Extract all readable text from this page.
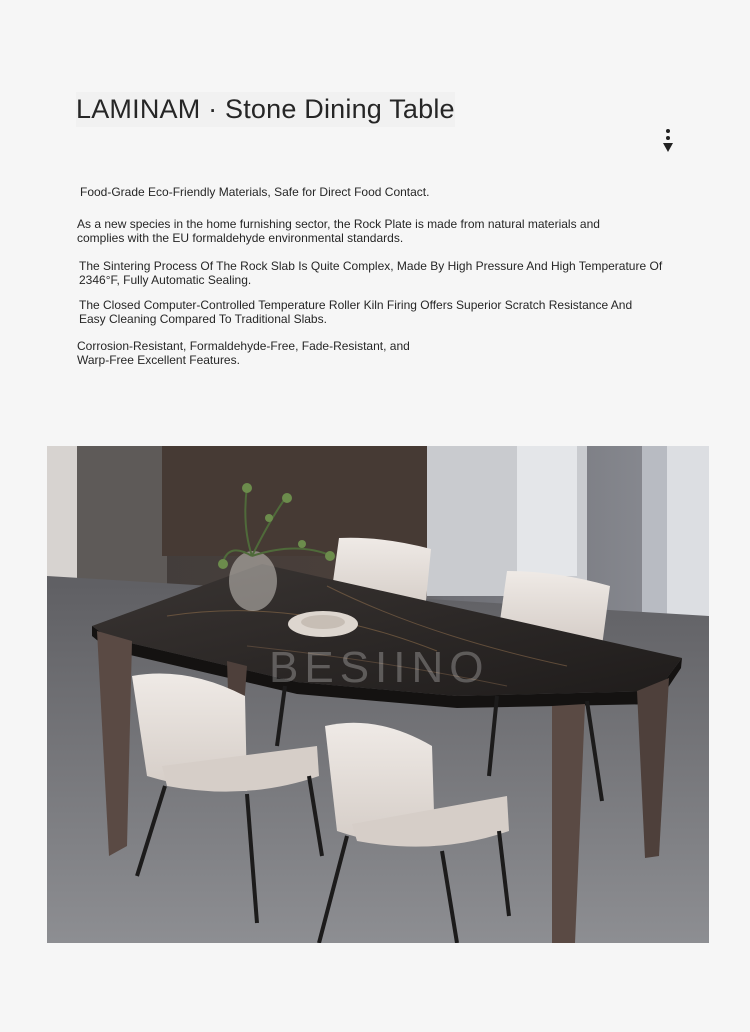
LAMINAM · Stone Dining Table

Food-Grade Eco-Friendly Materials, Safe for Direct Food Contact.

As a new species in the home furnishing sector, the Rock Plate is made from natural materials and complies with the EU formaldehyde environmental standards.

The Sintering Process Of The Rock Slab Is Quite Complex, Made By High Pressure And High Temperature Of 2346°F, Fully Automatic Sealing.

The Closed Computer-Controlled Temperature Roller Kiln Firing Offers Superior Scratch Resistance And Easy Cleaning Compared To Traditional Slabs.

Corrosion-Resistant, Formaldehyde-Free, Fade-Resistant, and Warp-Free Excellent Features.

BESIINO
